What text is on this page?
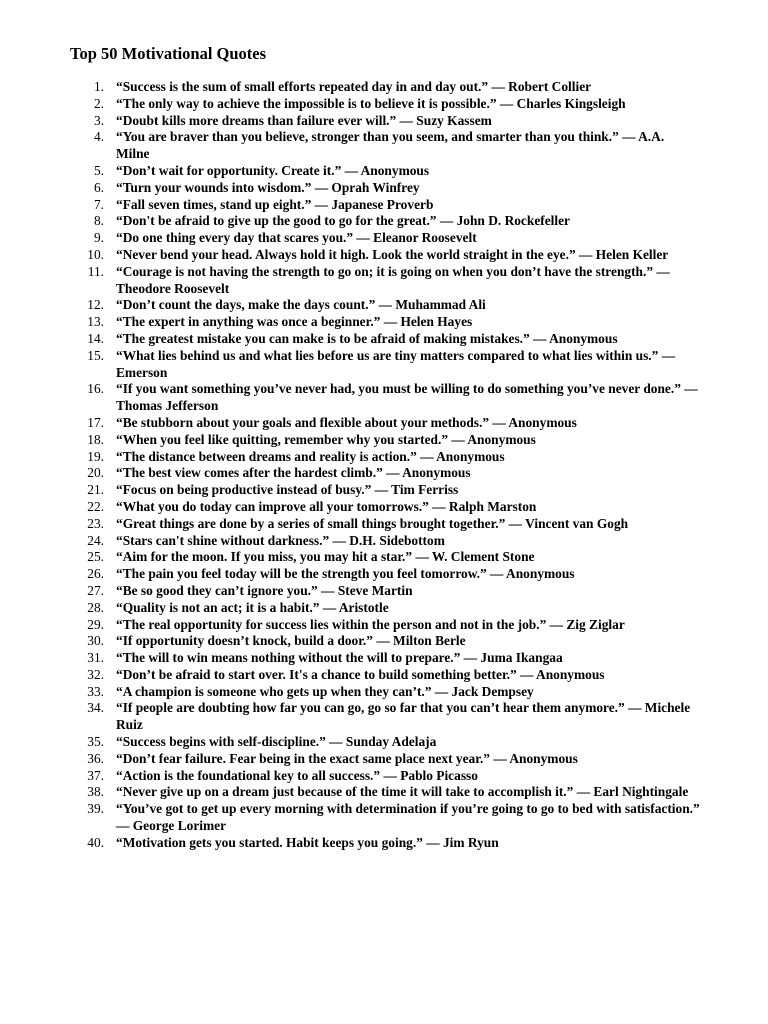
Top 50 Motivational Quotes
1. “Success is the sum of small efforts repeated day in and day out.” — Robert Collier
2. “The only way to achieve the impossible is to believe it is possible.” — Charles Kingsleigh
3. “Doubt kills more dreams than failure ever will.” — Suzy Kassem
4. “You are braver than you believe, stronger than you seem, and smarter than you think.” — A.A. Milne
5. “Don’t wait for opportunity. Create it.” — Anonymous
6. “Turn your wounds into wisdom.” — Oprah Winfrey
7. “Fall seven times, stand up eight.” — Japanese Proverb
8. “Don't be afraid to give up the good to go for the great.” — John D. Rockefeller
9. “Do one thing every day that scares you.” — Eleanor Roosevelt
10. “Never bend your head. Always hold it high. Look the world straight in the eye.” — Helen Keller
11. “Courage is not having the strength to go on; it is going on when you don’t have the strength.” — Theodore Roosevelt
12. “Don’t count the days, make the days count.” — Muhammad Ali
13. “The expert in anything was once a beginner.” — Helen Hayes
14. “The greatest mistake you can make is to be afraid of making mistakes.” — Anonymous
15. “What lies behind us and what lies before us are tiny matters compared to what lies within us.” — Emerson
16. “If you want something you’ve never had, you must be willing to do something you’ve never done.” — Thomas Jefferson
17. “Be stubborn about your goals and flexible about your methods.” — Anonymous
18. “When you feel like quitting, remember why you started.” — Anonymous
19. “The distance between dreams and reality is action.” — Anonymous
20. “The best view comes after the hardest climb.” — Anonymous
21. “Focus on being productive instead of busy.” — Tim Ferriss
22. “What you do today can improve all your tomorrows.” — Ralph Marston
23. “Great things are done by a series of small things brought together.” — Vincent van Gogh
24. “Stars can't shine without darkness.” — D.H. Sidebottom
25. “Aim for the moon. If you miss, you may hit a star.” — W. Clement Stone
26. “The pain you feel today will be the strength you feel tomorrow.” — Anonymous
27. “Be so good they can’t ignore you.” — Steve Martin
28. “Quality is not an act; it is a habit.” — Aristotle
29. “The real opportunity for success lies within the person and not in the job.” — Zig Ziglar
30. “If opportunity doesn’t knock, build a door.” — Milton Berle
31. “The will to win means nothing without the will to prepare.” — Juma Ikangaa
32. “Don’t be afraid to start over. It's a chance to build something better.” — Anonymous
33. “A champion is someone who gets up when they can’t.” — Jack Dempsey
34. “If people are doubting how far you can go, go so far that you can’t hear them anymore.” — Michele Ruiz
35. “Success begins with self-discipline.” — Sunday Adelaja
36. “Don’t fear failure. Fear being in the exact same place next year.” — Anonymous
37. “Action is the foundational key to all success.” — Pablo Picasso
38. “Never give up on a dream just because of the time it will take to accomplish it.” — Earl Nightingale
39. “You’ve got to get up every morning with determination if you’re going to go to bed with satisfaction.” — George Lorimer
40. “Motivation gets you started. Habit keeps you going.” — Jim Ryun
